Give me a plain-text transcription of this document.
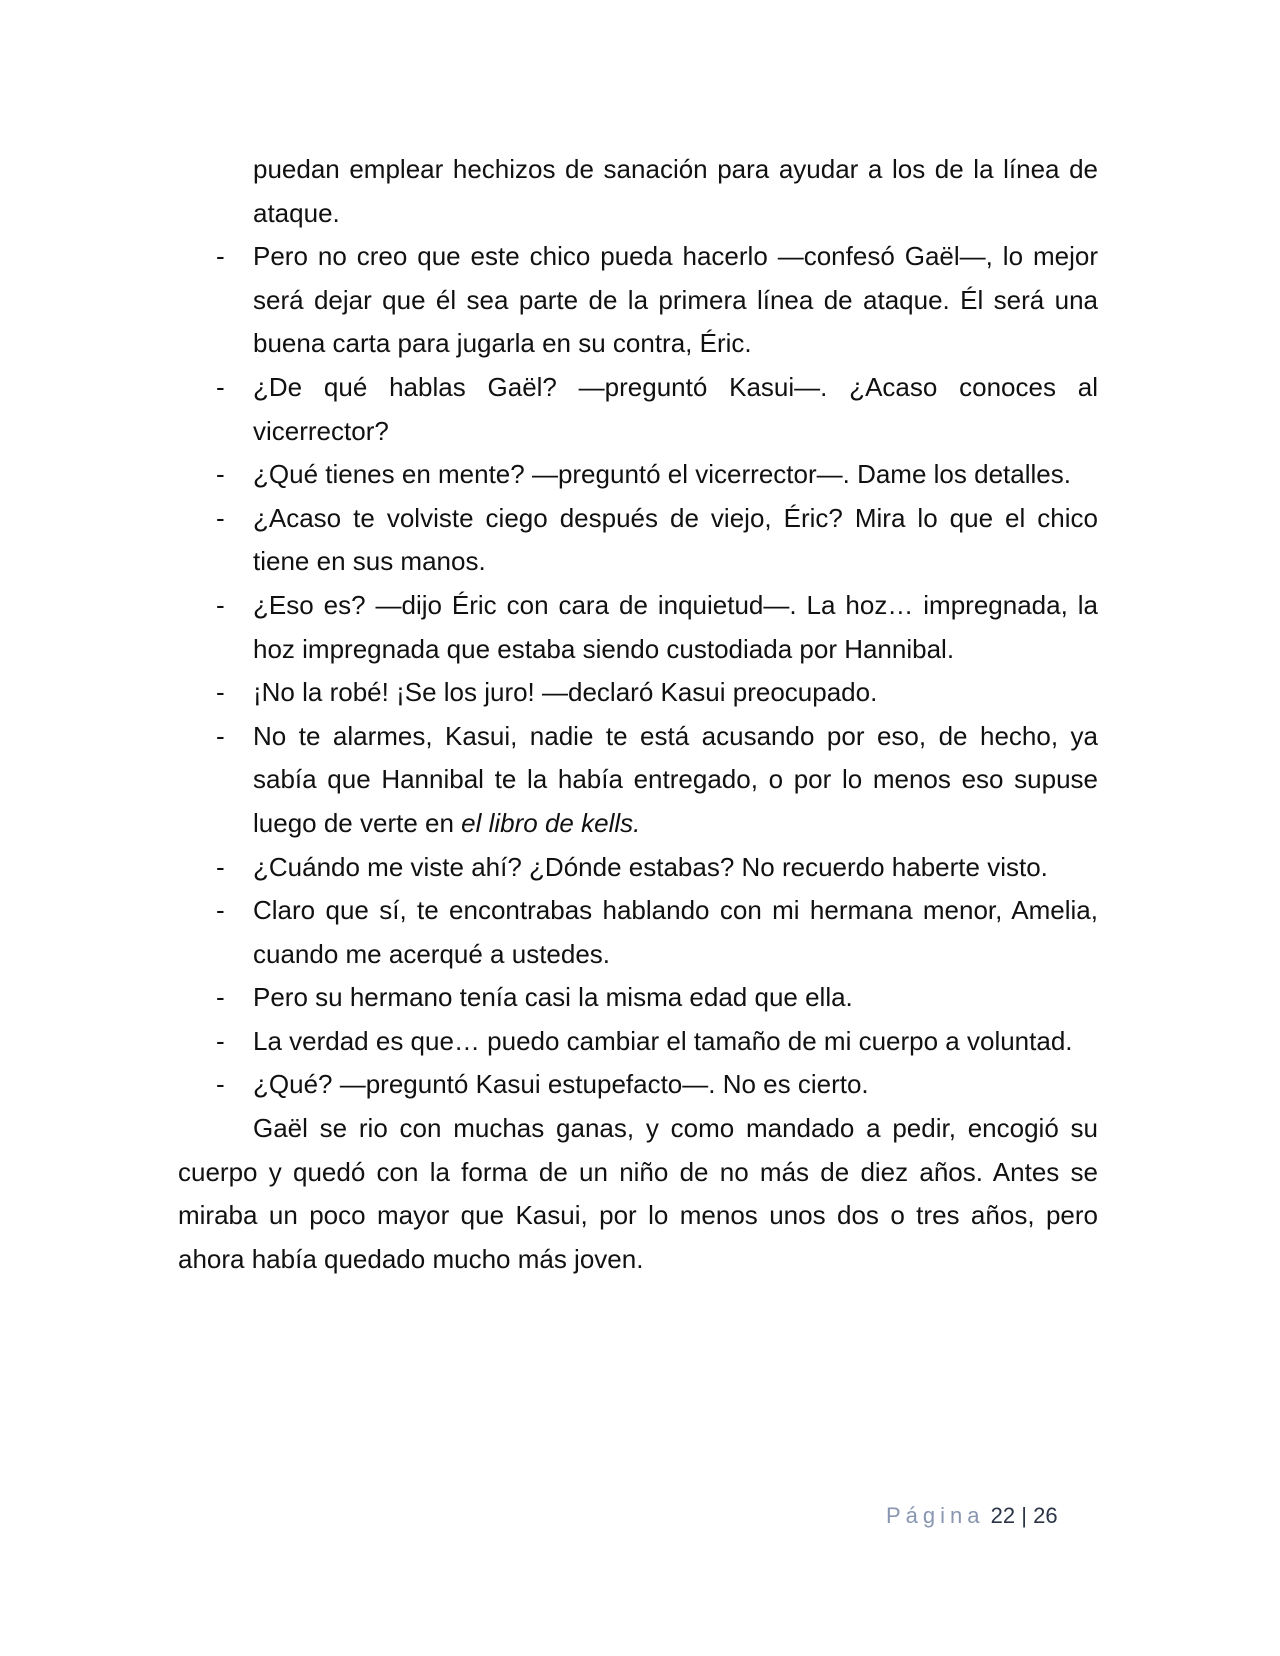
puedan emplear hechizos de sanación para ayudar a los de la línea de ataque.
- Pero no creo que este chico pueda hacerlo —confesó Gaël—, lo mejor será dejar que él sea parte de la primera línea de ataque. Él será una buena carta para jugarla en su contra, Éric.
- ¿De qué hablas Gaël? —preguntó Kasui—. ¿Acaso conoces al vicerrector?
- ¿Qué tienes en mente? —preguntó el vicerrector—. Dame los detalles.
- ¿Acaso te volviste ciego después de viejo, Éric? Mira lo que el chico tiene en sus manos.
- ¿Eso es? —dijo Éric con cara de inquietud—. La hoz… impregnada, la hoz impregnada que estaba siendo custodiada por Hannibal.
- ¡No la robé! ¡Se los juro! —declaró Kasui preocupado.
- No te alarmes, Kasui, nadie te está acusando por eso, de hecho, ya sabía que Hannibal te la había entregado, o por lo menos eso supuse luego de verte en el libro de kells.
- ¿Cuándo me viste ahí? ¿Dónde estabas? No recuerdo haberte visto.
- Claro que sí, te encontrabas hablando con mi hermana menor, Amelia, cuando me acerqué a ustedes.
- Pero su hermano tenía casi la misma edad que ella.
- La verdad es que… puedo cambiar el tamaño de mi cuerpo a voluntad.
- ¿Qué? —preguntó Kasui estupefacto—. No es cierto.
Gaël se rio con muchas ganas, y como mandado a pedir, encogió su cuerpo y quedó con la forma de un niño de no más de diez años. Antes se miraba un poco mayor que Kasui, por lo menos unos dos o tres años, pero ahora había quedado mucho más joven.
Página 22 | 26
